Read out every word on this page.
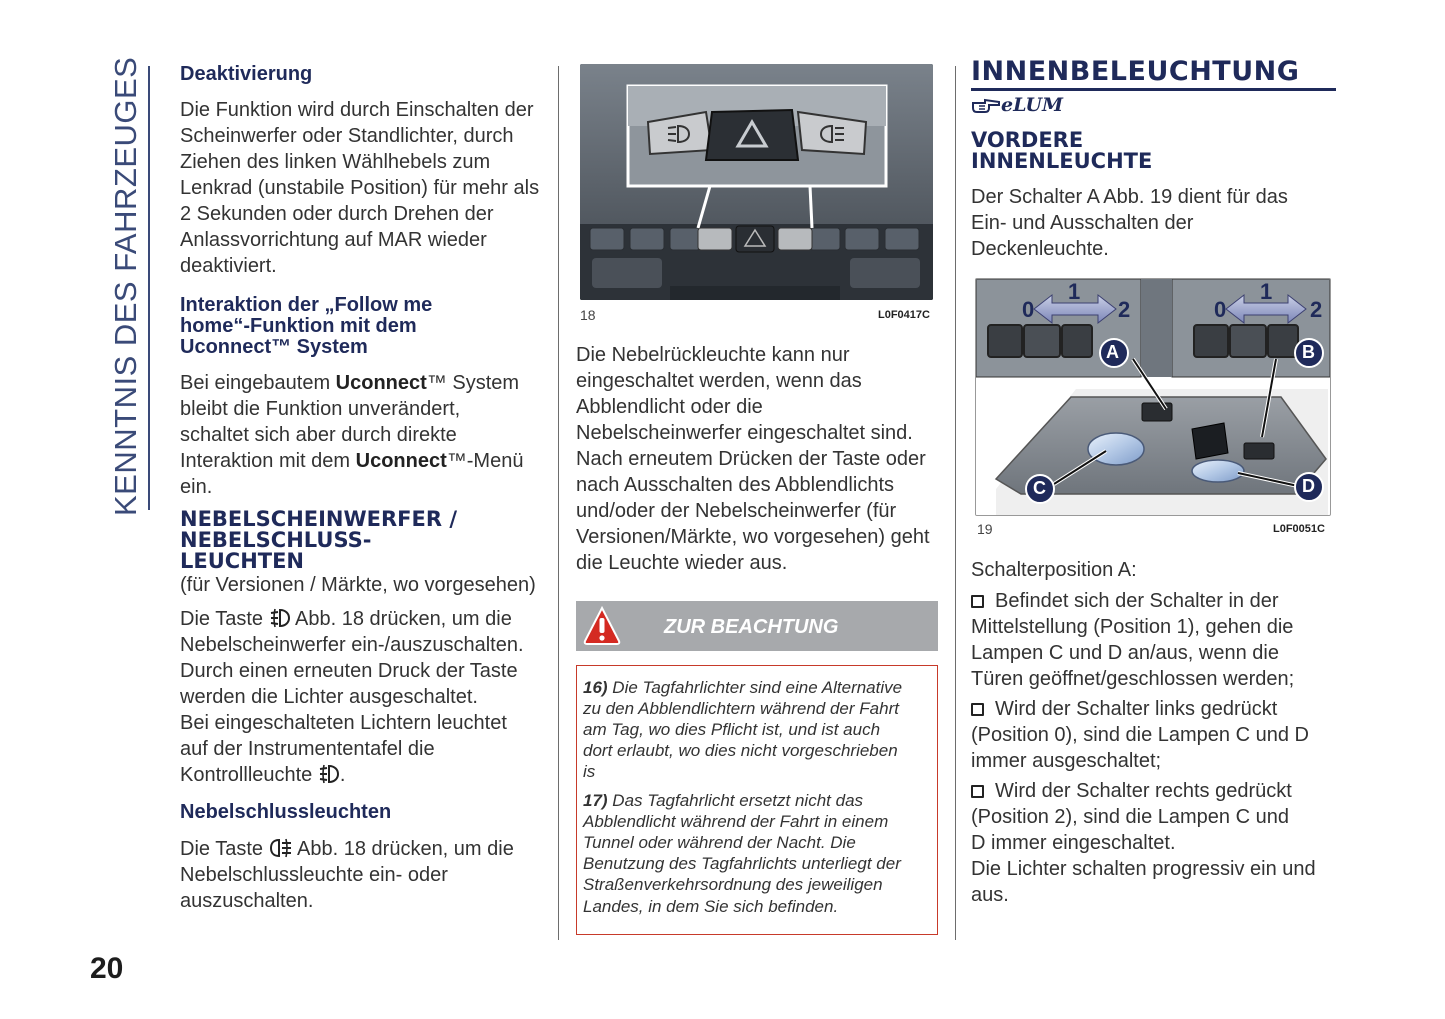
KENNTNIS DES FAHRZEUGES
20
Deaktivierung

Die Funktion wird durch Einschalten der

Scheinwerfer oder Standlichter, durch

Ziehen des linken Wählhebels zum

Lenkrad (unstabile Position) für mehr als

2 Sekunden oder durch Drehen der

Anlassvorrichtung auf MAR wieder

deaktiviert.

Interaktion der „Follow me

home“-Funktion mit dem

Uconnect™ System

Bei eingebautem Uconnect™ System

bleibt die Funktion unverändert,

schaltet sich aber durch direkte

Interaktion mit dem Uconnect™-Menü

ein.

NEBELSCHEINWERFER /

NEBELSCHLUSS-

LEUCHTEN

(für Versionen / Märkte, wo vorgesehen)

Die Taste  Abb. 18 drücken, um die

Nebelscheinwerfer ein-/auszuschalten.

Durch einen erneuten Druck der Taste

werden die Lichter ausgeschaltet.

Bei eingeschalteten Lichtern leuchtet

auf der Instrumententafel die

Kontrollleuchte .

Nebelschlussleuchten

Die Taste  Abb. 18 drücken, um die

Nebelschlussleuchte ein- oder

auszuschalten.

18	L0F0417C

Die Nebelrückleuchte kann nur

eingeschaltet werden, wenn das

Abblendlicht oder die

Nebelscheinwerfer eingeschaltet sind.

Nach erneutem Drücken der Taste oder

nach Ausschalten des Abblendlichts

und/oder der Nebelscheinwerfer (für

Versionen/Märkte, wo vorgesehen) geht

die Leuchte wieder aus.

ZUR BEACHTUNG

16) Die Tagfahrlichter sind eine Alternative

zu den Abblendlichtern während der Fahrt

am Tag, wo dies Pflicht ist, und ist auch

dort erlaubt, wo dies nicht vorgeschrieben

is

17) Das Tagfahrlicht ersetzt nicht das

Abblendlicht während der Fahrt in einem

Tunnel oder während der Nacht. Die

Benutzung des Tagfahrlichts unterliegt der

Straßenverkehrsordnung des jeweiligen

Landes, in dem Sie sich befinden.

INNENBELEUCHTUNG
eLUM

VORDERE

INNENLEUCHTE

Der Schalter A Abb. 19 dient für das

Ein- und Ausschalten der

Deckenleuchte.

0
1
2	0
1
2
A	B
C	D
19	L0F0051C

Schalterposition A:

Befindet sich der Schalter in der

Mittelstellung (Position 1), gehen die

Lampen C und D an/aus, wenn die

Türen geöffnet/geschlossen werden;

Wird der Schalter links gedrückt

(Position 0), sind die Lampen C und D

immer ausgeschaltet;

Wird der Schalter rechts gedrückt

(Position 2), sind die Lampen C und

D immer eingeschaltet.

Die Lichter schalten progressiv ein und

aus.
